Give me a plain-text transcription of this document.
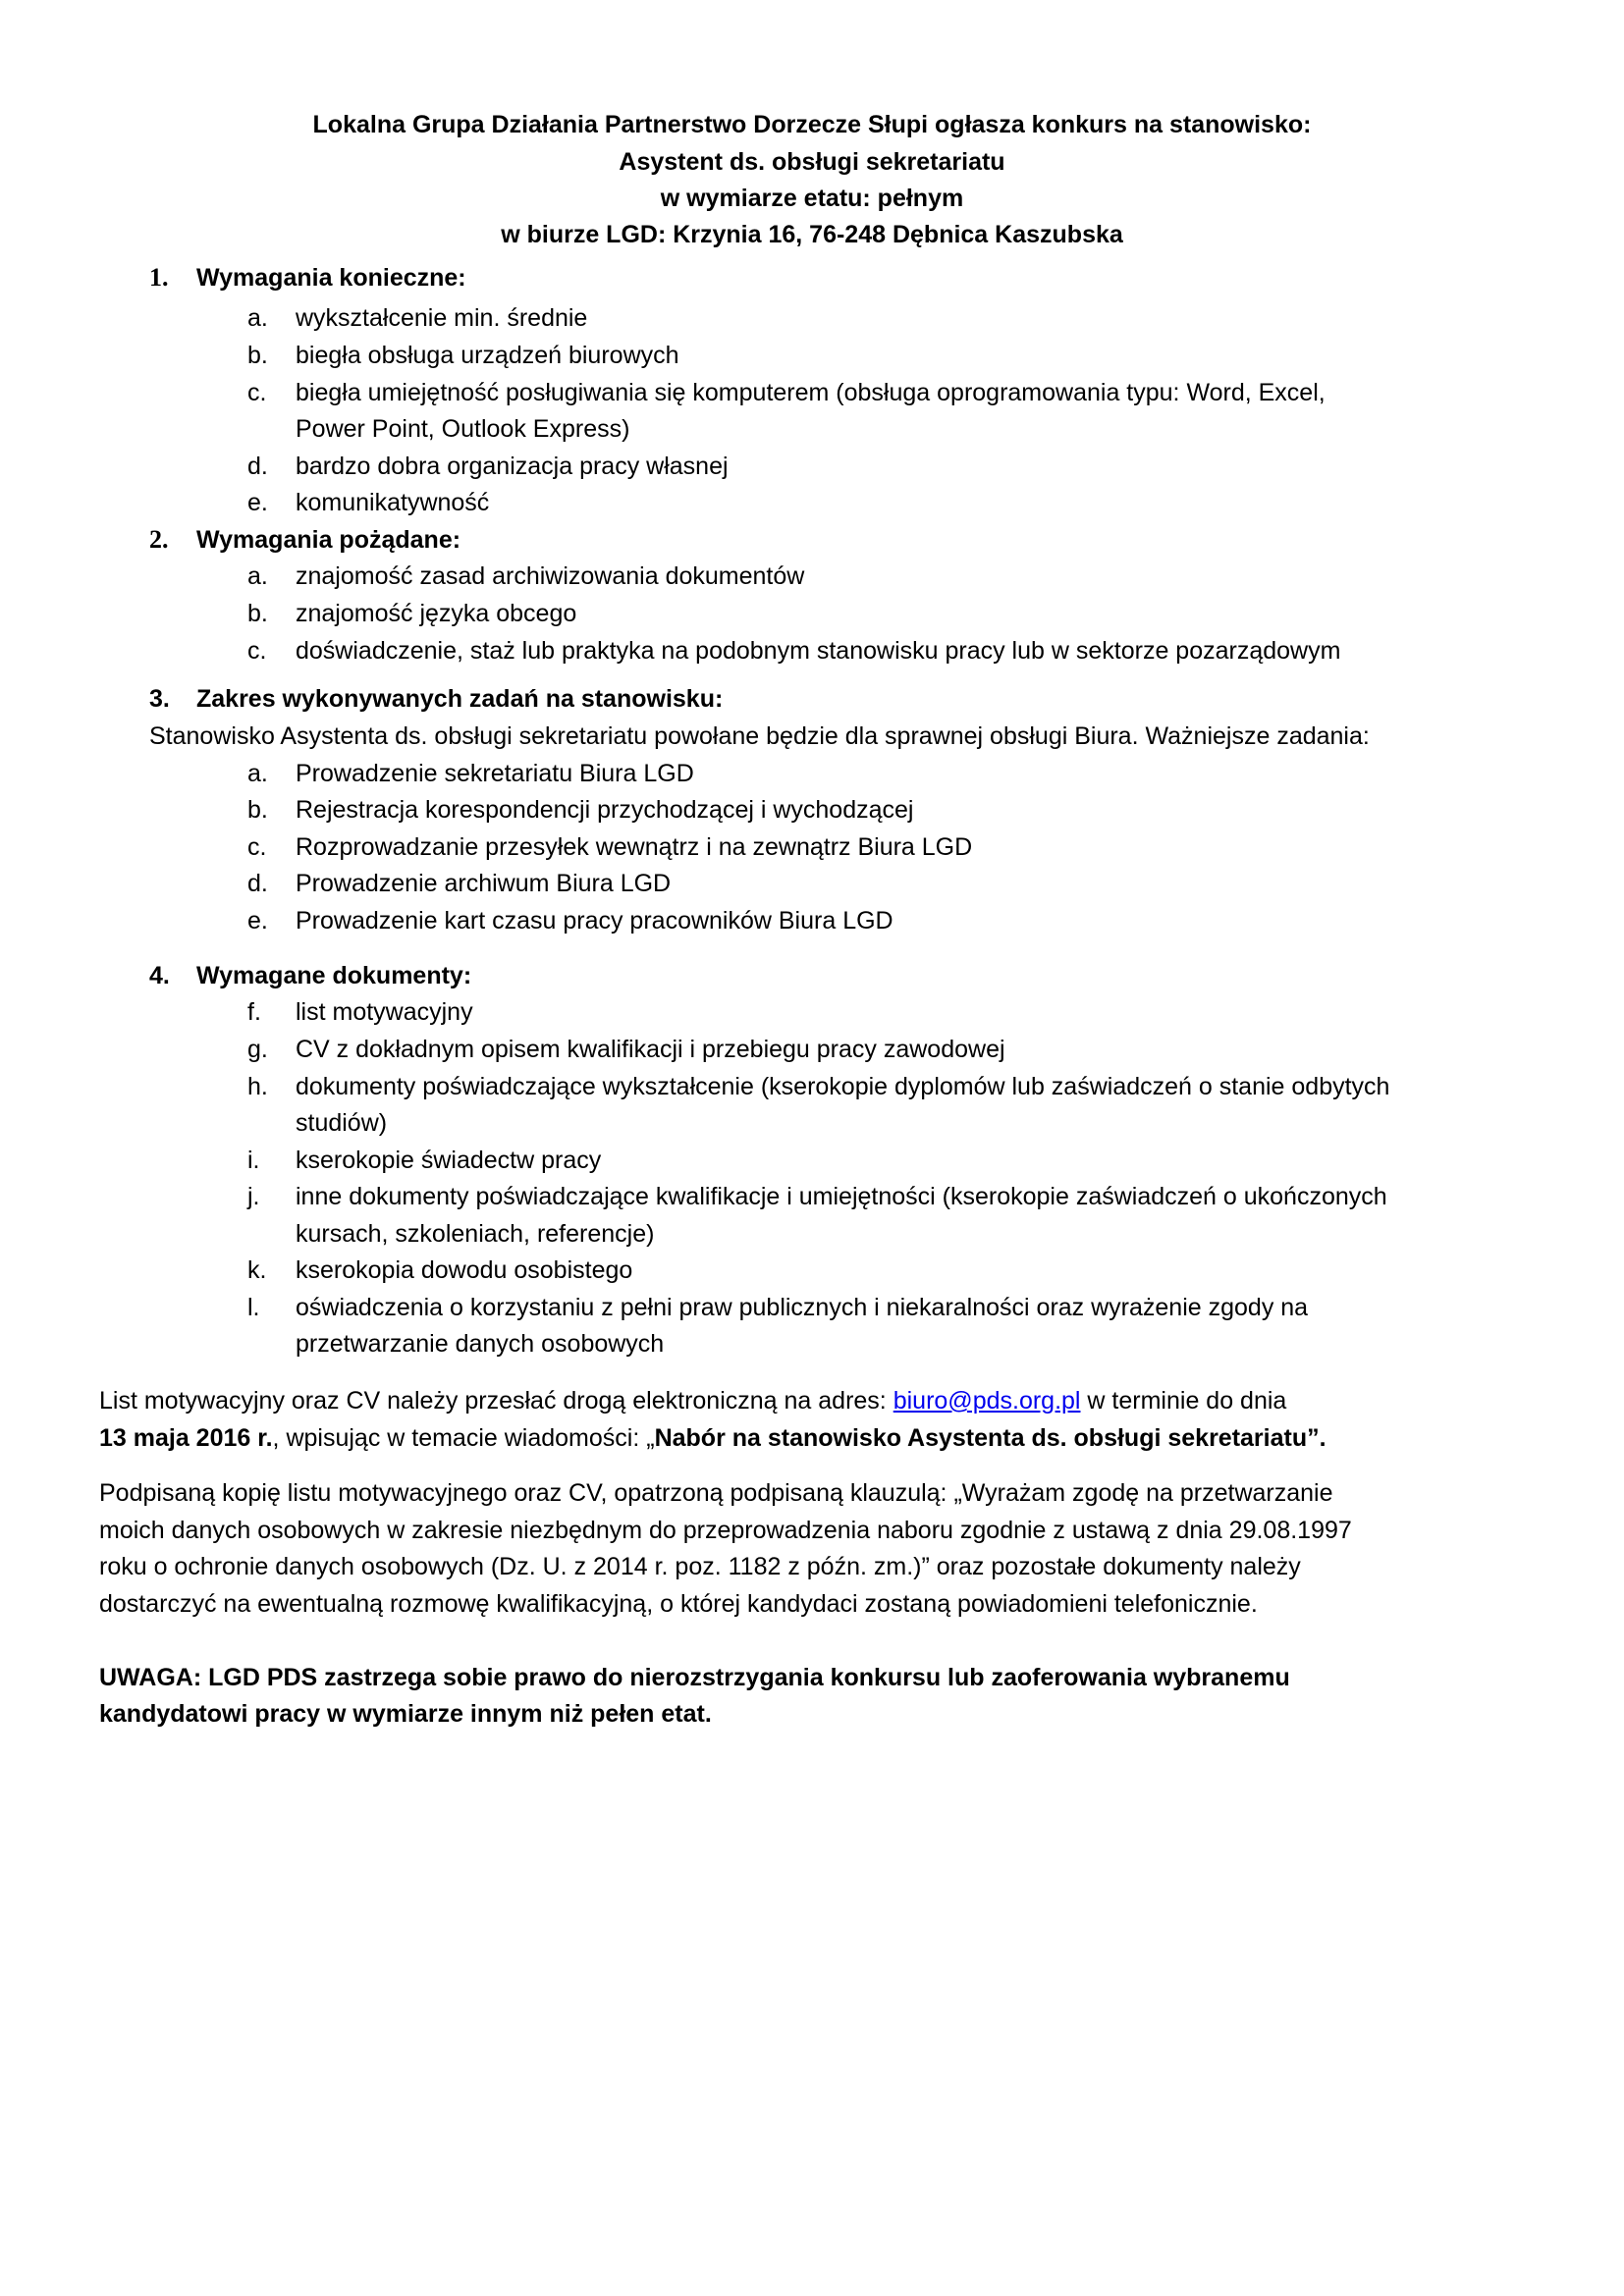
Lokalna Grupa Działania Partnerstwo Dorzecze Słupi ogłasza konkurs na stanowisko:
Asystent ds. obsługi sekretariatu
w wymiarze etatu: pełnym
w biurze LGD: Krzynia 16, 76-248 Dębnica Kaszubska
1. Wymagania konieczne:
a. wykształcenie min. średnie
b. biegła obsługa urządzeń biurowych
c. biegła umiejętność posługiwania się komputerem (obsługa oprogramowania typu: Word, Excel,
Power Point, Outlook Express)
d. bardzo dobra organizacja pracy własnej
e. komunikatywność
2. Wymagania pożądane:
a. znajomość zasad archiwizowania dokumentów
b. znajomość języka obcego
c. doświadczenie, staż lub praktyka na podobnym stanowisku pracy lub w sektorze pozarządowym
3. Zakres wykonywanych zadań na stanowisku:
Stanowisko Asystenta ds. obsługi sekretariatu powołane będzie dla sprawnej obsługi Biura. Ważniejsze zadania:
a. Prowadzenie sekretariatu Biura LGD
b. Rejestracja korespondencji przychodzącej i wychodzącej
c. Rozprowadzanie przesyłek wewnątrz i na zewnątrz Biura LGD
d. Prowadzenie archiwum Biura LGD
e. Prowadzenie kart czasu pracy pracowników Biura LGD
4. Wymagane dokumenty:
f. list motywacyjny
g. CV z dokładnym opisem kwalifikacji i przebiegu pracy zawodowej
h. dokumenty poświadczające wykształcenie (kserokopie dyplomów lub zaświadczeń o stanie odbytych
studiów)
i. kserokopie świadectw pracy
j. inne dokumenty poświadczające kwalifikacje i umiejętności (kserokopie zaświadczeń o ukończonych
kursach, szkoleniach, referencje)
k. kserokopia dowodu osobistego
l. oświadczenia o korzystaniu z pełni praw publicznych i niekaralności oraz wyrażenie zgody na
przetwarzanie danych osobowych
List motywacyjny oraz CV należy przesłać drogą elektroniczną na adres: biuro@pds.org.pl w terminie do dnia
13 maja 2016 r., wpisując w temacie wiadomości: „Nabór na stanowisko Asystenta ds. obsługi sekretariatu”.
Podpisaną kopię listu motywacyjnego oraz CV, opatrzoną podpisaną klauzulą: „Wyrażam zgodę na przetwarzanie
moich danych osobowych w zakresie niezbędnym do przeprowadzenia naboru zgodnie z ustawą z dnia 29.08.1997
roku o ochronie danych osobowych (Dz. U. z 2014 r. poz. 1182 z późn. zm.)” oraz pozostałe dokumenty należy
dostarczyć na ewentualną rozmowę kwalifikacyjną, o której kandydaci zostaną powiadomieni telefonicznie.
UWAGA: LGD PDS zastrzega sobie prawo do nierozstrzygania konkursu lub zaoferowania wybranemu
kandydatowi pracy w wymiarze innym niż pełen etat.
